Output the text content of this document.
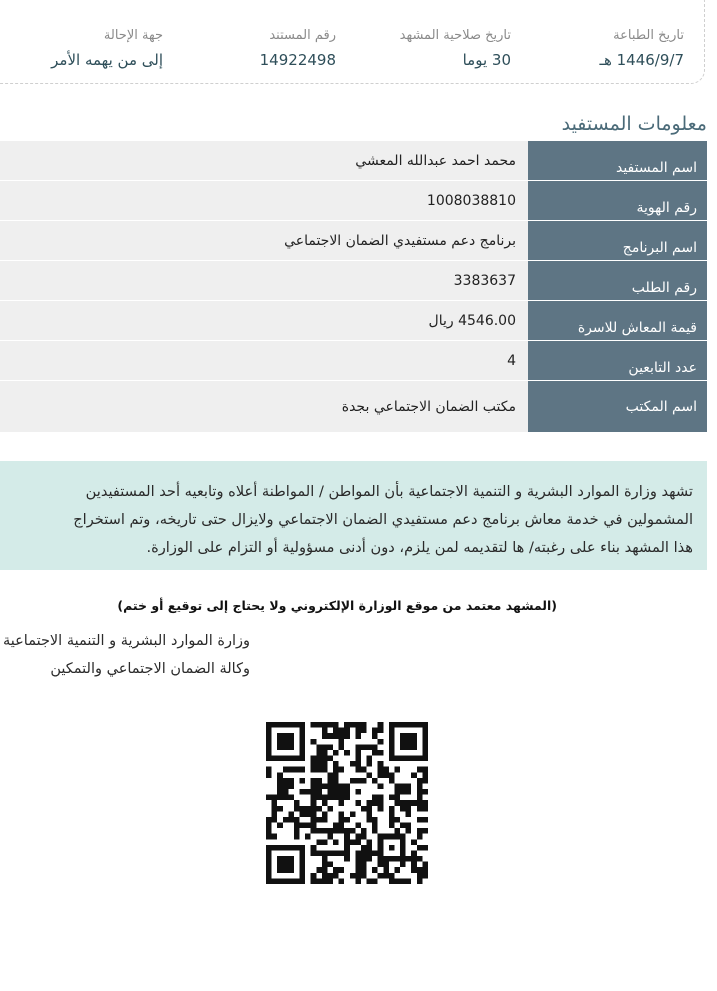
تاريخ الطباعة
1446/9/7 هـ
تاريخ صلاحية المشهد
30 يوما
رقم المستند
14922498
جهة الإحالة
إلى من يهمه الأمر
معلومات المستفيد
اسم المستفيد
محمد احمد عبدالله المعشي
رقم الهوية
1008038810
اسم البرنامج
برنامج دعم مستفيدي الضمان الاجتماعي
رقم الطلب
3383637
قيمة المعاش للاسرة
4546.00 ريال
عدد التابعين
4
اسم المكتب
مكتب الضمان الاجتماعي بجدة
تشهد وزارة الموارد البشرية و التنمية الاجتماعية بأن المواطن / المواطنة أعلاه وتابعيه أحد المستفيدين
المشمولين في خدمة معاش برنامج دعم مستفيدي الضمان الاجتماعي ولايزال حتى تاريخه، وتم استخراج
هذا المشهد بناء على رغبته/ ها لتقديمه لمن يلزم، دون أدنى مسؤولية أو التزام على الوزارة.
(المشهد معتمد من موقع الوزارة الإلكتروني ولا يحتاج إلى توقيع أو ختم)
وزارة الموارد البشرية و التنمية الاجتماعية
وكالة الضمان الاجتماعي والتمكين
